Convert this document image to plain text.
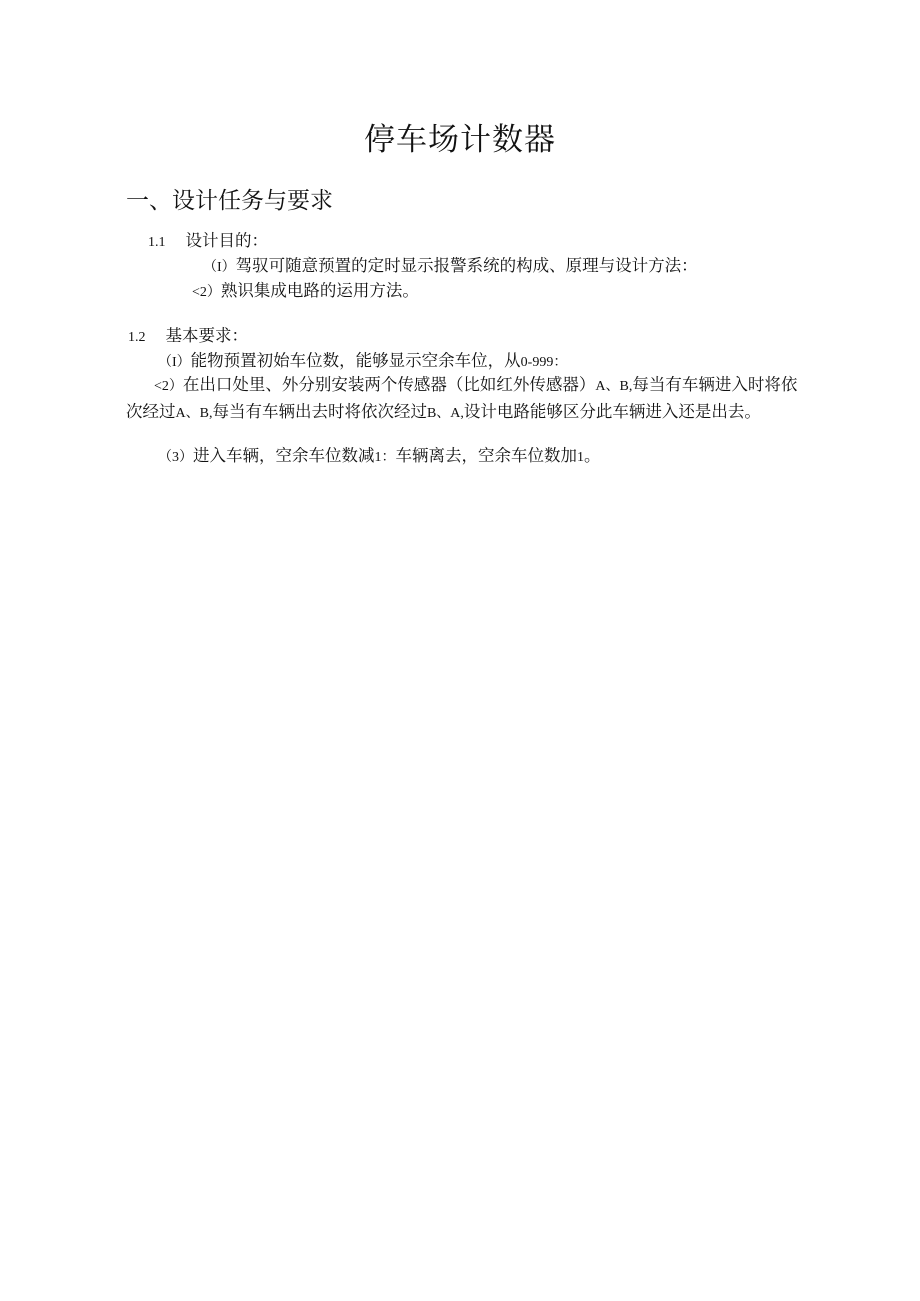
停车场计数器
一、设计任务与要求
1.1 设计目的：
（I）驾驭可随意预置的定时显示报警系统的构成、原理与设计方法：
<2）熟识集成电路的运用方法。
1.2 基本要求：
（I）能物预置初始车位数，能够显示空余车位，从0-999：
<2）在出口处里、外分别安装两个传感器（比如红外传感器）A、B,每当有车辆进入时将依次经过A、B,每当有车辆出去时将依次经过B、A,设计电路能够区分此车辆进入还是出去。
（3）进入车辆，空余车位数减1：车辆离去，空余车位数加1。
